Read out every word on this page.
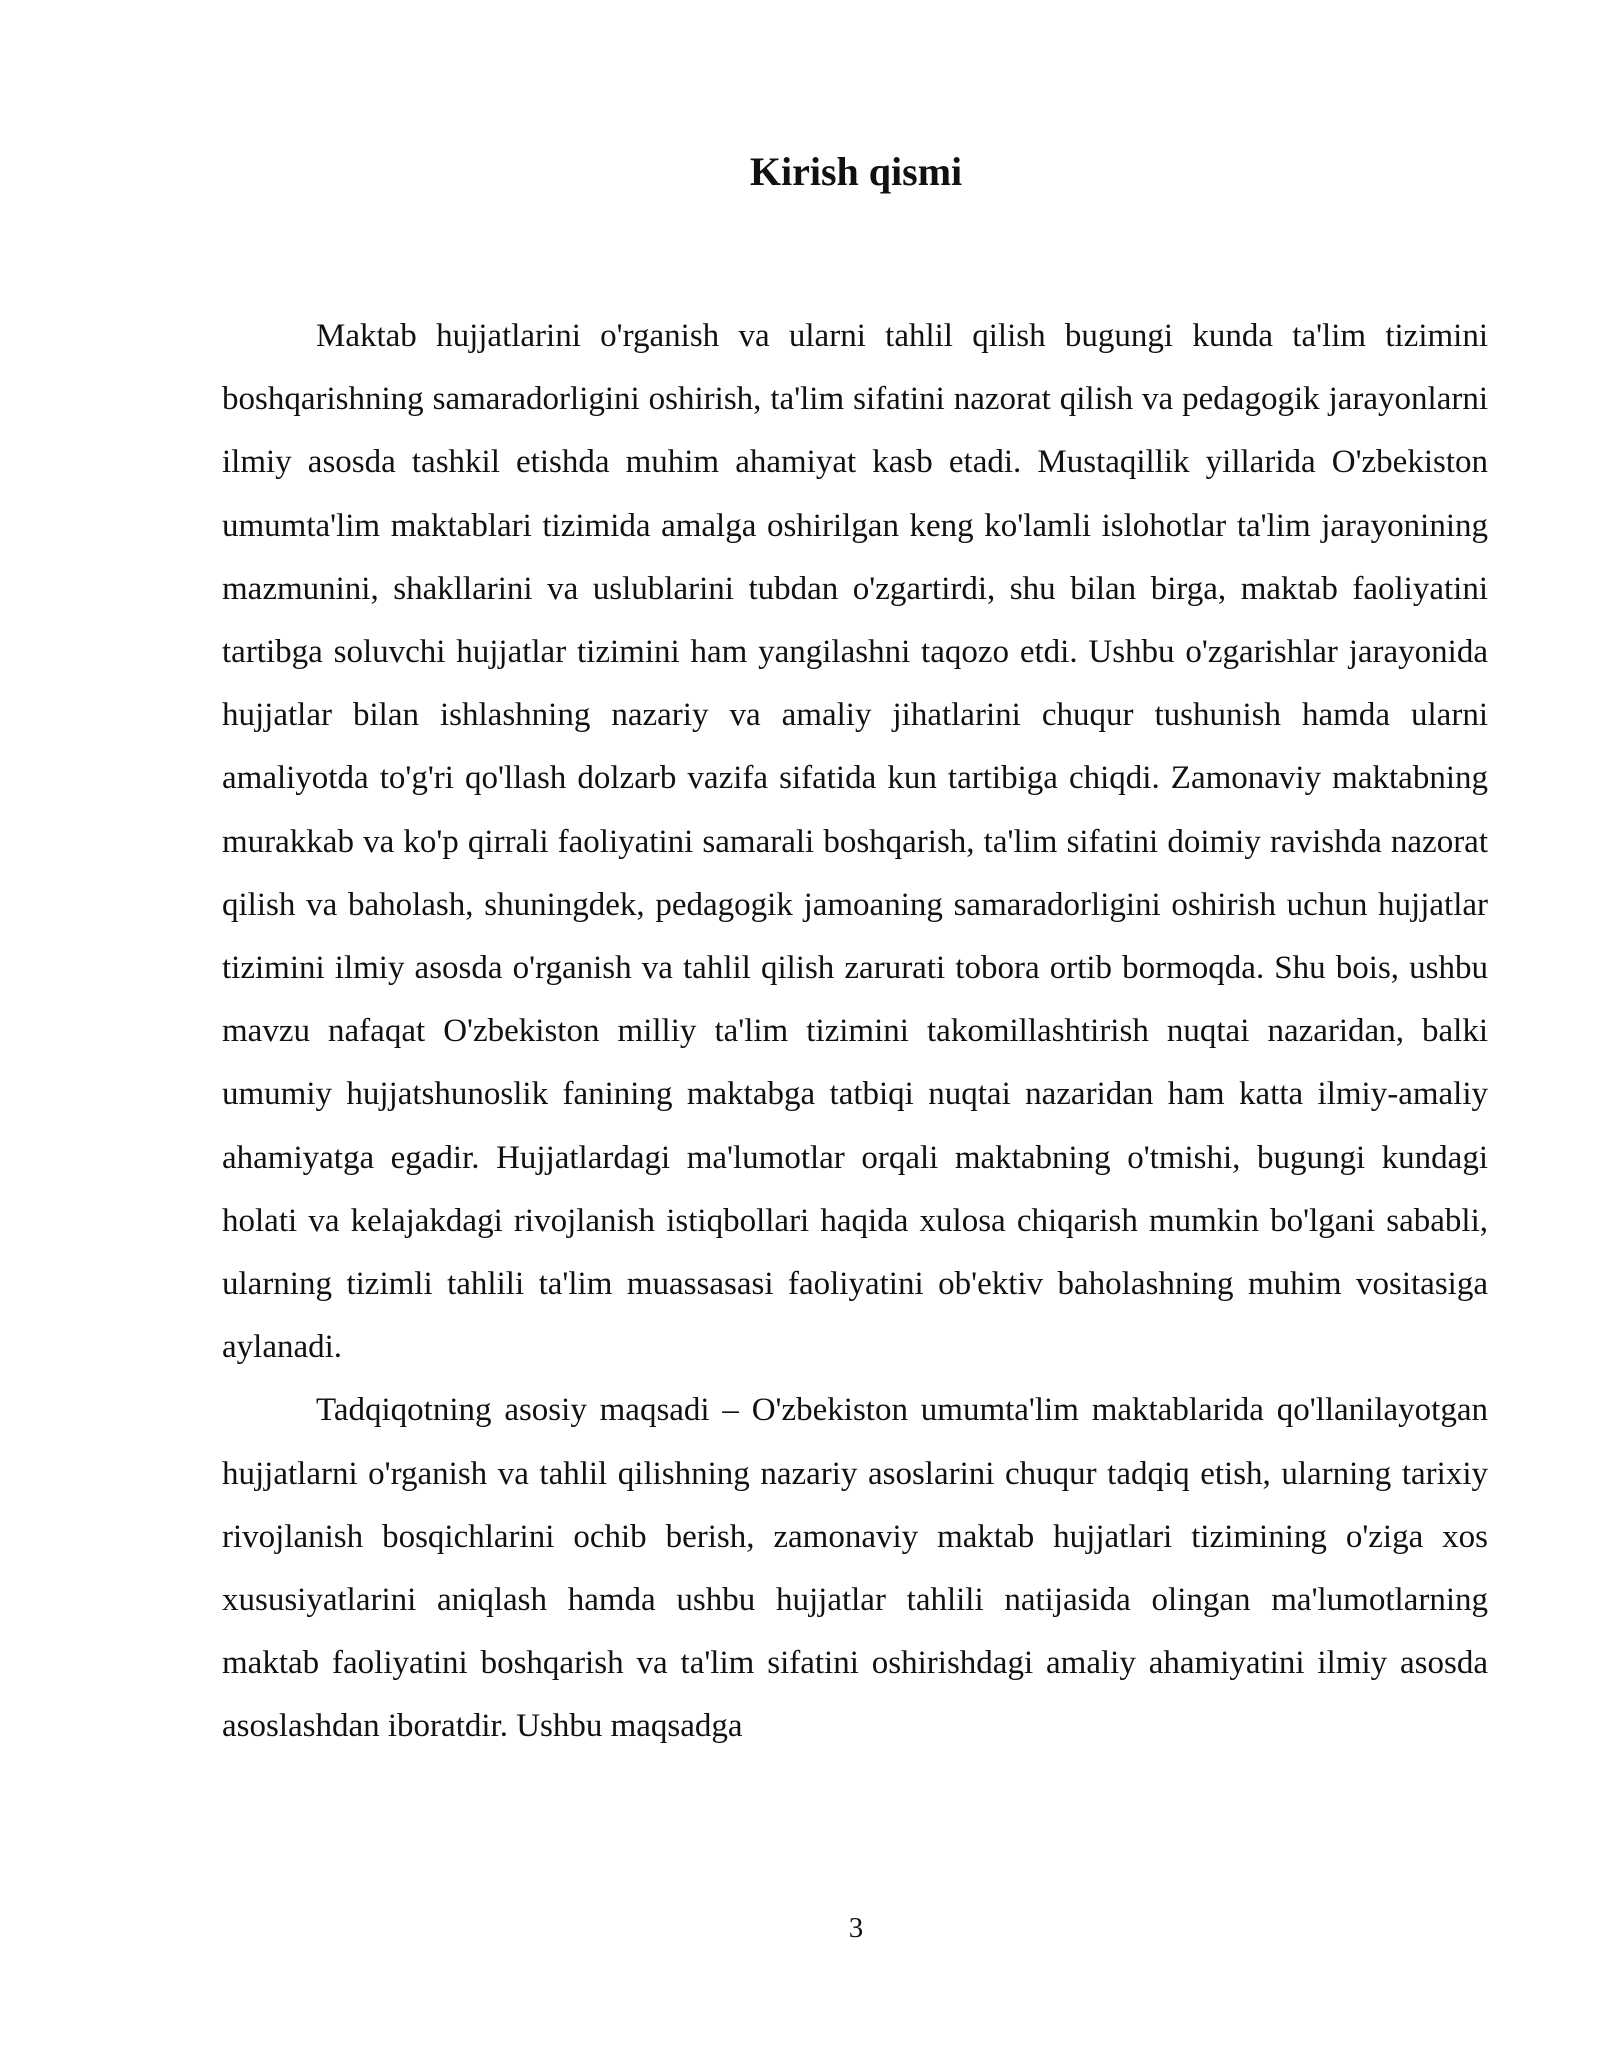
Kirish qismi

Maktab hujjatlarini o'rganish va ularni tahlil qilish bugungi kunda ta'lim tizimini boshqarishning samaradorligini oshirish, ta'lim sifatini nazorat qilish va pedagogik jarayonlarni ilmiy asosda tashkil etishda muhim ahamiyat kasb etadi. Mustaqillik yillarida O'zbekiston umumta'lim maktablari tizimida amalga oshirilgan keng ko'lamli islohotlar ta'lim jarayonining mazmunini, shakllarini va uslublarini tubdan o'zgartirdi, shu bilan birga, maktab faoliyatini tartibga soluvchi hujjatlar tizimini ham yangilashni taqozo etdi. Ushbu o'zgarishlar jarayonida hujjatlar bilan ishlashning nazariy va amaliy jihatlarini chuqur tushunish hamda ularni amaliyotda to'g'ri qo'llash dolzarb vazifa sifatida kun tartibiga chiqdi. Zamonaviy maktabning murakkab va ko'p qirrali faoliyatini samarali boshqarish, ta'lim sifatini doimiy ravishda nazorat qilish va baholash, shuningdek, pedagogik jamoaning samaradorligini oshirish uchun hujjatlar tizimini ilmiy asosda o'rganish va tahlil qilish zarurati tobora ortib bormoqda. Shu bois, ushbu mavzu nafaqat O'zbekiston milliy ta'lim tizimini takomillashtirish nuqtai nazaridan, balki umumiy hujjatshunoslik fanining maktabga tatbiqi nuqtai nazaridan ham katta ilmiy-amaliy ahamiyatga egadir. Hujjatlardagi ma'lumotlar orqali maktabning o'tmishi, bugungi kundagi holati va kelajakdagi rivojlanish istiqbollari haqida xulosa chiqarish mumkin bo'lgani sababli, ularning tizimli tahlili ta'lim muassasasi faoliyatini ob'ektiv baholashning muhim vositasiga aylanadi.

Tadqiqotning asosiy maqsadi – O'zbekiston umumta'lim maktablarida qo'llanilayotgan hujjatlarni o'rganish va tahlil qilishning nazariy asoslarini chuqur tadqiq etish, ularning tarixiy rivojlanish bosqichlarini ochib berish, zamonaviy maktab hujjatlari tizimining o'ziga xos xususiyatlarini aniqlash hamda ushbu hujjatlar tahlili natijasida olingan ma'lumotlarning maktab faoliyatini boshqarish va ta'lim sifatini oshirishdagi amaliy ahamiyatini ilmiy asosda asoslashdan iboratdir. Ushbu maqsadga

3
